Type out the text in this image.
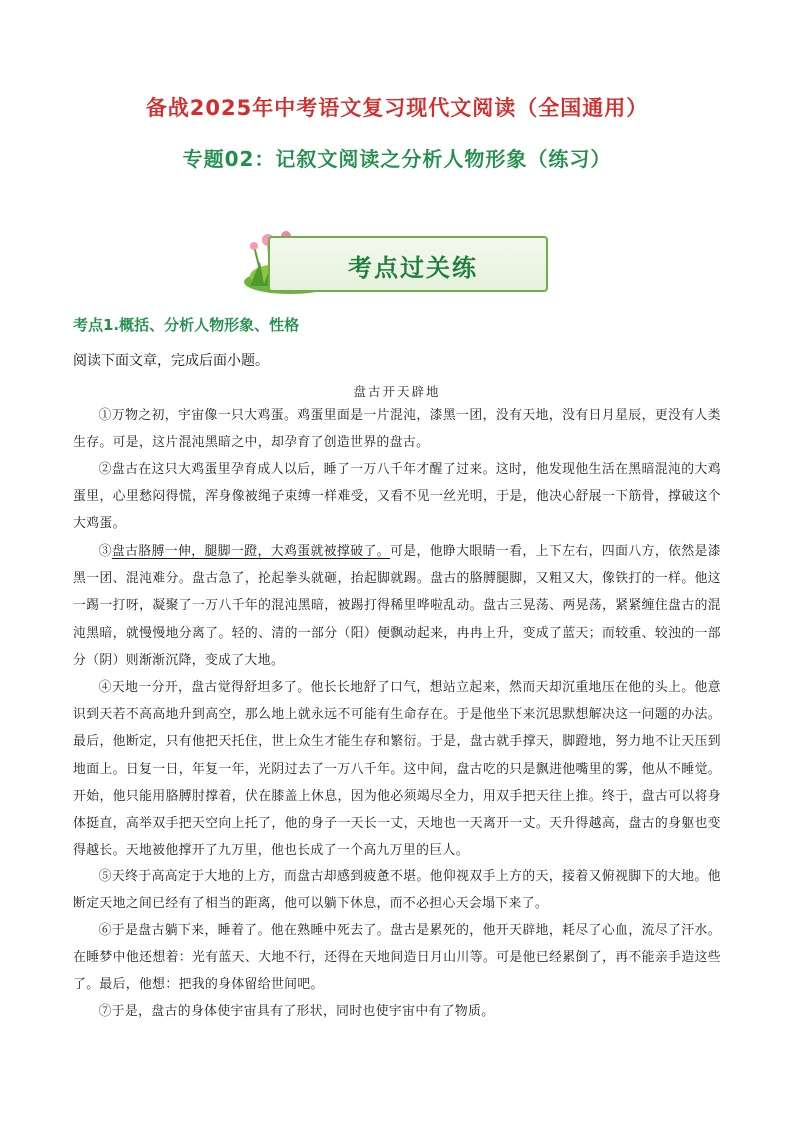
备战2025年中考语文复习现代文阅读（全国通用）
专题02：记叙文阅读之分析人物形象（练习）
考点过关练
考点1.概括、分析人物形象、性格
阅读下面文章，完成后面小题。
盘古开天辟地

①万物之初，宇宙像一只大鸡蛋。鸡蛋里面是一片混沌，漆黑一团，没有天地，没有日月星辰，更没有人类生存。可是，这片混沌黑暗之中，却孕育了创造世界的盘古。

②盘古在这只大鸡蛋里孕育成人以后，睡了一万八千年才醒了过来。这时，他发现他生活在黑暗混沌的大鸡蛋里，心里愁闷得慌，浑身像被绳子束缚一样难受，又看不见一丝光明，于是，他决心舒展一下筋骨，撑破这个大鸡蛋。

③盘古胳膊一伸，腿脚一蹬，大鸡蛋就被撑破了。可是，他睁大眼睛一看，上下左右，四面八方，依然是漆黑一团、混沌难分。盘古急了，抡起拳头就砸，抬起脚就踢。盘古的胳膊腿脚，又粗又大，像铁打的一样。他这一踢一打呀，凝聚了一万八千年的混沌黑暗，被踢打得稀里哗啦乱动。盘古三晃荡、两晃荡，紧紧缠住盘古的混沌黑暗，就慢慢地分离了。轻的、清的一部分（阳）便飘动起来，冉冉上升，变成了蓝天；而较重、较浊的一部分（阴）则渐渐沉降，变成了大地。

④天地一分开，盘古觉得舒坦多了。他长长地舒了口气，想站立起来，然而天却沉重地压在他的头上。他意识到天若不高高地升到高空，那么地上就永远不可能有生命存在。于是他坐下来沉思默想解决这一问题的办法。最后，他断定，只有他把天托住，世上众生才能生存和繁衍。于是，盘古就手撑天，脚蹬地，努力地不让天压到地面上。日复一日，年复一年，光阴过去了一万八千年。这中间，盘古吃的只是飘进他嘴里的雾，他从不睡觉。开始，他只能用胳膊肘撑着，伏在膝盖上休息，因为他必须竭尽全力，用双手把天往上推。终于，盘古可以将身体挺直，高举双手把天空向上托了，他的身子一天长一丈，天地也一天离开一丈。天升得越高，盘古的身躯也变得越长。天地被他撑开了九万里，他也长成了一个高九万里的巨人。

⑤天终于高高定于大地的上方，而盘古却感到疲惫不堪。他仰视双手上方的天，接着又俯视脚下的大地。他断定天地之间已经有了相当的距离，他可以躺下休息，而不必担心天会塌下来了。

⑥于是盘古躺下来，睡着了。他在熟睡中死去了。盘古是累死的，他开天辟地，耗尽了心血，流尽了汗水。在睡梦中他还想着：光有蓝天、大地不行，还得在天地间造日月山川等。可是他已经累倒了，再不能亲手造这些了。最后，他想：把我的身体留给世间吧。

⑦于是，盘古的身体使宇宙具有了形状，同时也使宇宙中有了物质。
